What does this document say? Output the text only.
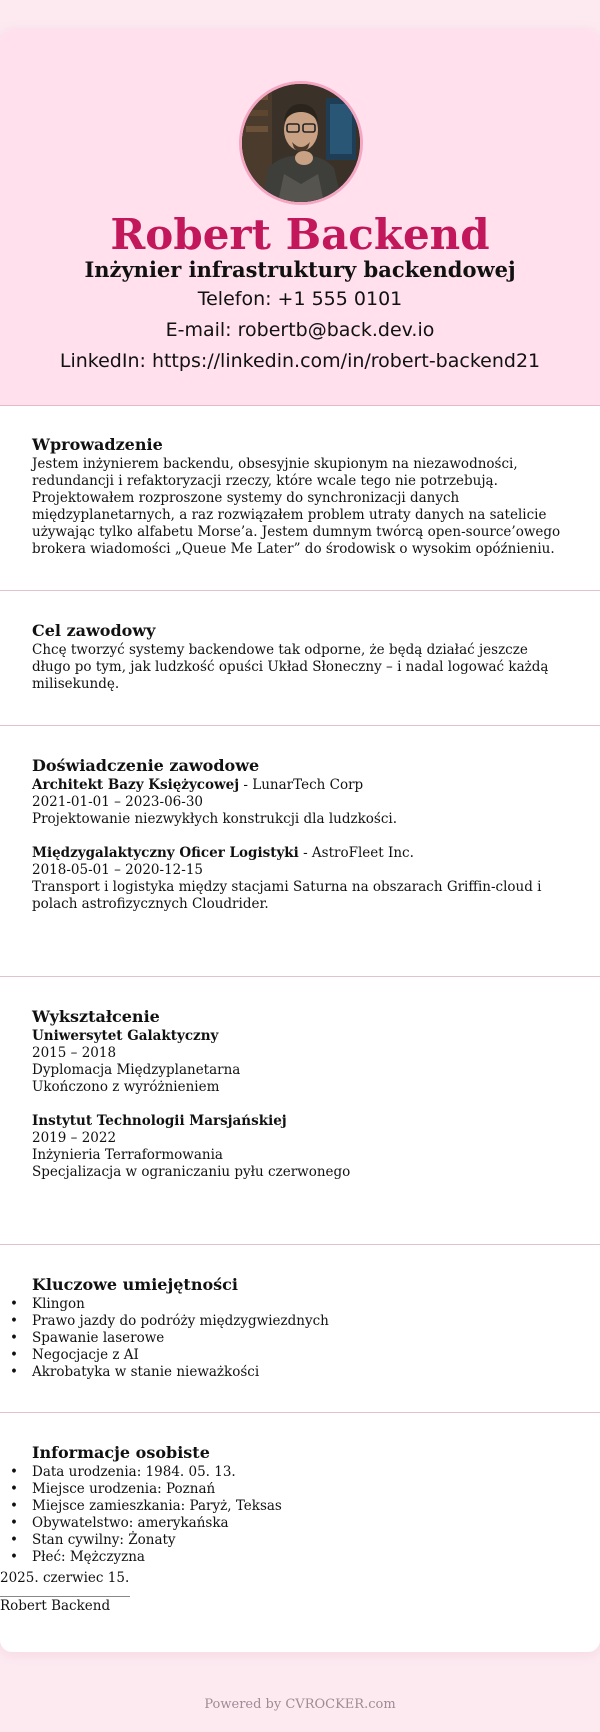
Robert Backend
Inżynier infrastruktury backendowej
Telefon: +1 555 0101
E-mail: robertb@back.dev.io
LinkedIn: https://linkedin.com/in/robert-backend21
Wprowadzenie
Jestem inżynierem backendu, obsesyjnie skupionym na niezawodności, redundancji i refaktoryzacji rzeczy, które wcale tego nie potrzebują. Projektowałem rozproszone systemy do synchronizacji danych międzyplanetarnych, a raz rozwiązałem problem utraty danych na satelicie używając tylko alfabetu Morse’a. Jestem dumnym twórcą open-source’owego brokera wiadomości „Queue Me Later” do środowisk o wysokim opóźnieniu.
Cel zawodowy
Chcę tworzyć systemy backendowe tak odporne, że będą działać jeszcze długo po tym, jak ludzkość opuści Układ Słoneczny – i nadal logować każdą milisekundę.
Doświadczenie zawodowe
Architekt Bazy Księżycowej - LunarTech Corp
2021-01-01 – 2023-06-30
Projektowanie niezwykłych konstrukcji dla ludzkości.
Międzygalaktyczny Oficer Logistyki - AstroFleet Inc.
2018-05-01 – 2020-12-15
Transport i logistyka między stacjami Saturna na obszarach Griffin-cloud i polach astrofizycznych Cloudrider.
Wykształcenie
Uniwersytet Galaktyczny
2015 – 2018
Dyplomacja Międzyplanetarna
Ukończono z wyróżnieniem
Instytut Technologii Marsjańskiej
2019 – 2022
Inżynieria Terraformowania
Specjalizacja w ograniczaniu pyłu czerwonego
Kluczowe umiejętności
• Klingon
• Prawo jazdy do podróży międzygwiezdnych
• Spawanie laserowe
• Negocjacje z AI
• Akrobatyka w stanie nieważkości
Informacje osobiste
• Data urodzenia: 1984. 05. 13.
• Miejsce urodzenia: Poznań
• Miejsce zamieszkania: Paryż, Teksas
• Obywatelstwo: amerykańska
• Stan cywilny: Żonaty
• Płeć: Mężczyzna
2025. czerwiec 15.
Robert Backend
Powered by CVROCKER.com
